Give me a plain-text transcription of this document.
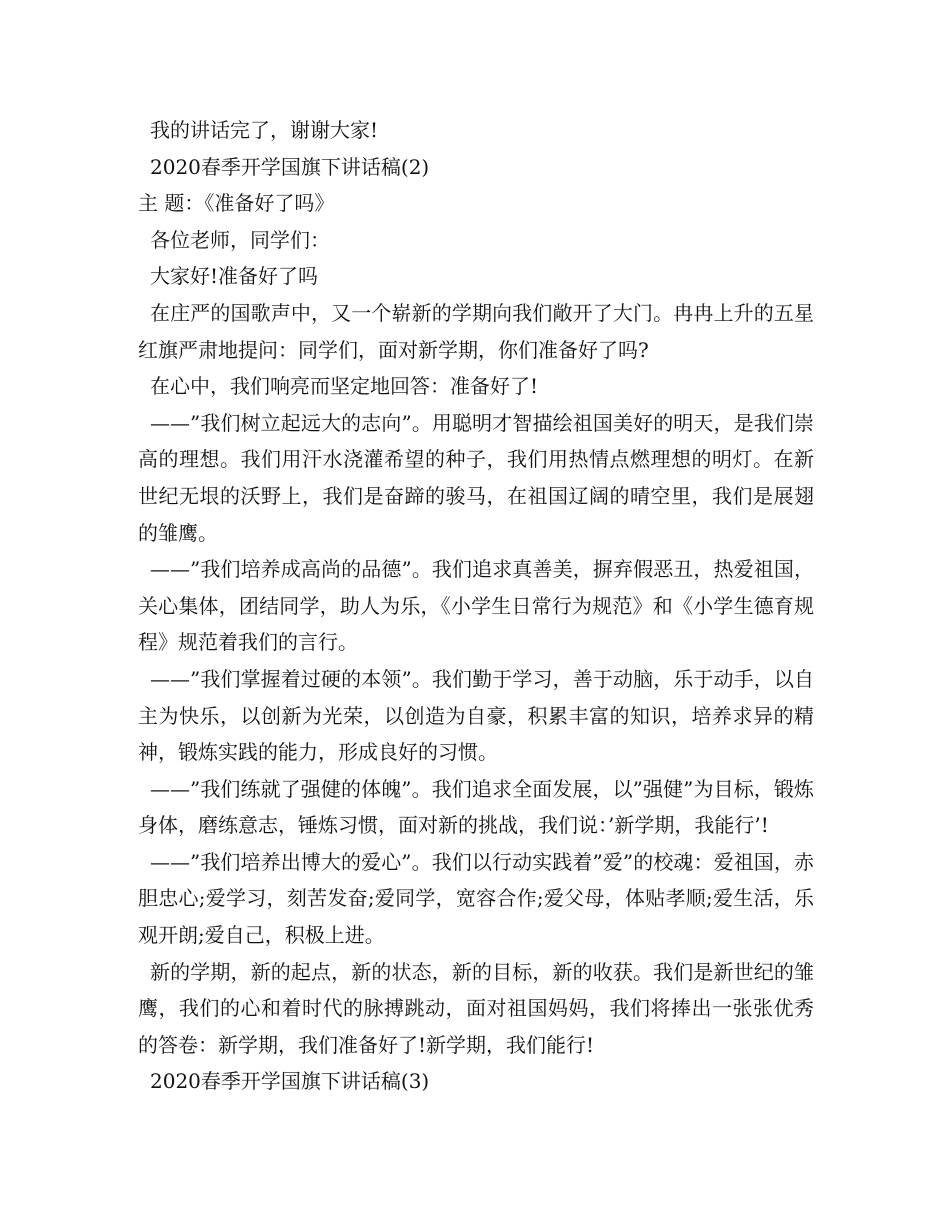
我的讲话完了，谢谢大家!

2020春季开学国旗下讲话稿(2)

主 题：《准备好了吗》

各位老师，同学们：

大家好!准备好了吗

在庄严的国歌声中，又一个崭新的学期向我们敞开了大门。冉冉上升的五星红旗严肃地提问：同学们，面对新学期，你们准备好了吗?

在心中，我们响亮而坚定地回答：准备好了!

——”我们树立起远大的志向”。用聪明才智描绘祖国美好的明天，是我们崇高的理想。我们用汗水浇灌希望的种子，我们用热情点燃理想的明灯。在新世纪无垠的沃野上，我们是奋蹄的骏马，在祖国辽阔的晴空里，我们是展翅的雏鹰。

——”我们培养成高尚的品德”。我们追求真善美，摒弃假恶丑，热爱祖国，关心集体，团结同学，助人为乐，《小学生日常行为规范》和《小学生德育规程》规范着我们的言行。

——”我们掌握着过硬的本领”。我们勤于学习，善于动脑，乐于动手，以自主为快乐，以创新为光荣，以创造为自豪，积累丰富的知识，培养求异的精神，锻炼实践的能力，形成良好的习惯。

——”我们练就了强健的体魄”。我们追求全面发展，以”强健”为目标，锻炼身体，磨练意志，锤炼习惯，面对新的挑战，我们说：’新学期，我能行’!

——”我们培养出博大的爱心”。我们以行动实践着”爱”的校魂：爱祖国，赤胆忠心;爱学习，刻苦发奋;爱同学，宽容合作;爱父母，体贴孝顺;爱生活，乐观开朗;爱自己，积极上进。

新的学期，新的起点，新的状态，新的目标，新的收获。我们是新世纪的雏鹰，我们的心和着时代的脉搏跳动，面对祖国妈妈，我们将捧出一张张优秀的答卷：新学期，我们准备好了!新学期，我们能行!

2020春季开学国旗下讲话稿(3)
